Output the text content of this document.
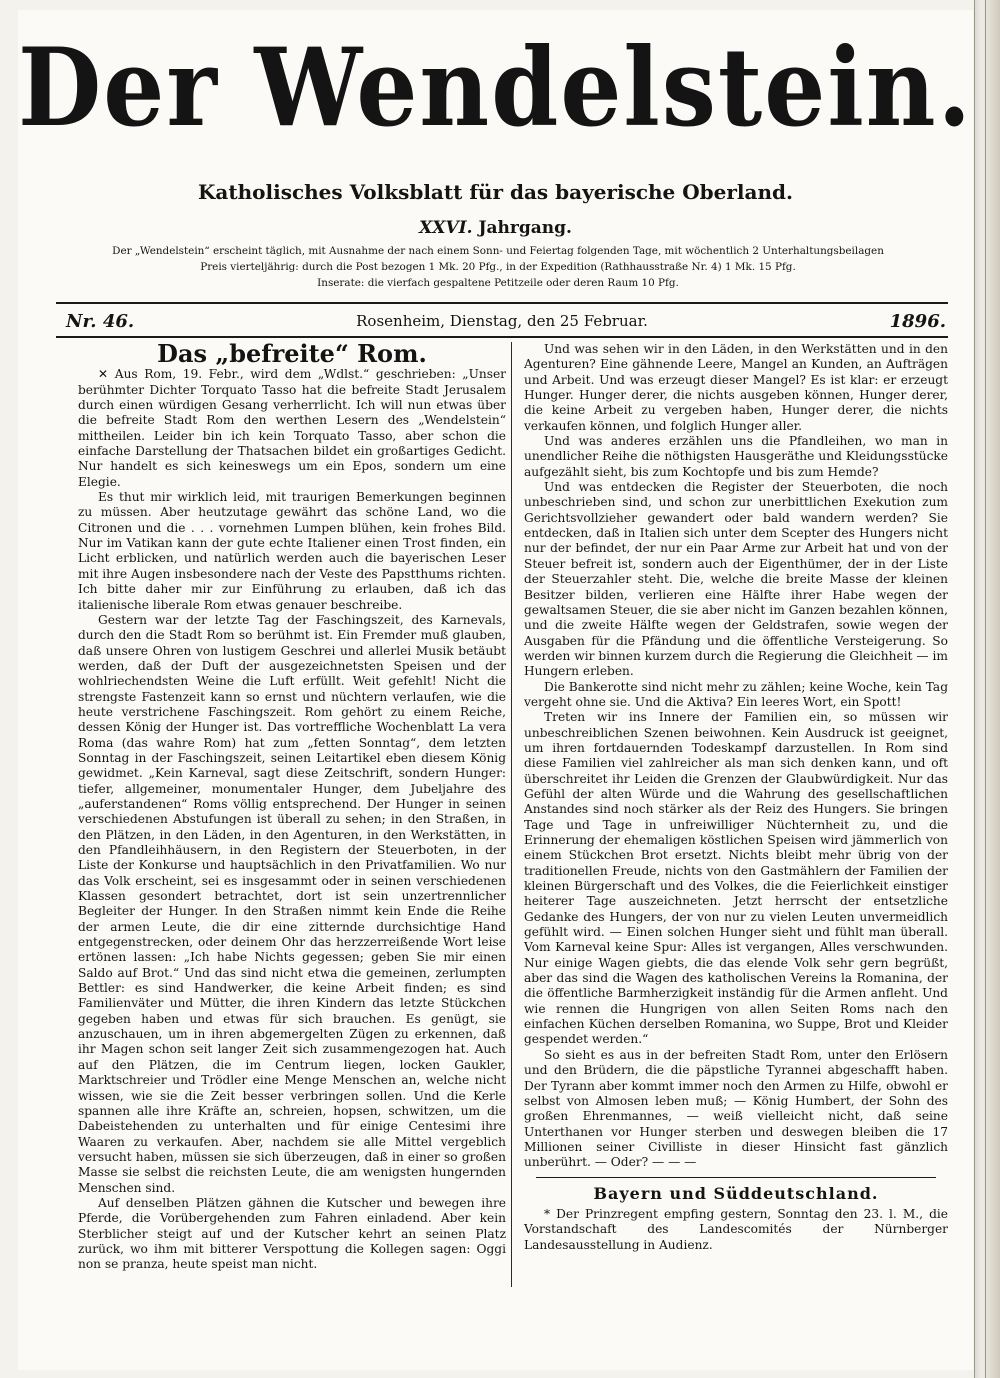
Der Wendelstein.
Katholisches Volksblatt für das bayerische Oberland.
XXVI. Jahrgang.
Der „Wendelstein“ erscheint täglich, mit Ausnahme der nach einem Sonn- und Feiertag folgenden Tage, mit wöchentlich 2 Unterhaltungsbeilagen
Preis vierteljährig: durch die Post bezogen 1 Mk. 20 Pfg., in der Expedition (Rathhausstraße Nr. 4) 1 Mk. 15 Pfg.
Inserate: die vierfach gespaltene Petitzeile oder deren Raum 10 Pfg.
Nr. 46.	Rosenheim, Dienstag, den 25 Februar.	1896.
Das „befreite“ Rom.

✕ Aus Rom, 19. Febr., wird dem „Wdlst.“ geschrieben: „Unser berühmter Dichter Torquato Tasso hat die befreite Stadt Jerusalem durch einen würdigen Gesang verherrlicht. Ich will nun etwas über die befreite Stadt Rom den werthen Lesern des „Wendelstein“ mittheilen. Leider bin ich kein Torquato Tasso, aber schon die einfache Darstellung der Thatsachen bildet ein großartiges Gedicht. Nur handelt es sich keineswegs um ein Epos, sondern um eine Elegie.

Es thut mir wirklich leid, mit traurigen Bemerkungen beginnen zu müssen. Aber heutzutage gewährt das schöne Land, wo die Citronen und die . . . vornehmen Lumpen blühen, kein frohes Bild. Nur im Vatikan kann der gute echte Italiener einen Trost finden, ein Licht erblicken, und natürlich werden auch die bayerischen Leser mit ihre Augen insbesondere nach der Veste des Papstthums richten. Ich bitte daher mir zur Einführung zu erlauben, daß ich das italienische liberale Rom etwas genauer beschreibe.

Gestern war der letzte Tag der Faschingszeit, des Karnevals, durch den die Stadt Rom so berühmt ist. Ein Fremder muß glauben, daß unsere Ohren von lustigem Geschrei und allerlei Musik betäubt werden, daß der Duft der ausgezeichnetsten Speisen und der wohlriechendsten Weine die Luft erfüllt. Weit gefehlt! Nicht die strengste Fastenzeit kann so ernst und nüchtern verlaufen, wie die heute verstrichene Faschingszeit. Rom gehört zu einem Reiche, dessen König der Hunger ist. Das vortreffliche Wochenblatt La vera Roma (das wahre Rom) hat zum „fetten Sonntag“, dem letzten Sonntag in der Faschingszeit, seinen Leitartikel eben diesem König gewidmet. „Kein Karneval, sagt diese Zeitschrift, sondern Hunger: tiefer, allgemeiner, monumentaler Hunger, dem Jubeljahre des „auferstandenen“ Roms völlig entsprechend. Der Hunger in seinen verschiedenen Abstufungen ist überall zu sehen; in den Straßen, in den Plätzen, in den Läden, in den Agenturen, in den Werkstätten, in den Pfandleihhäusern, in den Registern der Steuerboten, in der Liste der Konkurse und hauptsächlich in den Privatfamilien. Wo nur das Volk erscheint, sei es insgesammt oder in seinen verschiedenen Klassen gesondert betrachtet, dort ist sein unzertrennlicher Begleiter der Hunger. In den Straßen nimmt kein Ende die Reihe der armen Leute, die dir eine zitternde durchsichtige Hand entgegenstrecken, oder deinem Ohr das herzzerreißende Wort leise ertönen lassen: „Ich habe Nichts gegessen; geben Sie mir einen Saldo auf Brot.“ Und das sind nicht etwa die gemeinen, zerlumpten Bettler: es sind Handwerker, die keine Arbeit finden; es sind Familienväter und Mütter, die ihren Kindern das letzte Stückchen gegeben haben und etwas für sich brauchen. Es genügt, sie anzuschauen, um in ihren abgemergelten Zügen zu erkennen, daß ihr Magen schon seit langer Zeit sich zusammengezogen hat. Auch auf den Plätzen, die im Centrum liegen, locken Gaukler, Marktschreier und Trödler eine Menge Menschen an, welche nicht wissen, wie sie die Zeit besser verbringen sollen. Und die Kerle spannen alle ihre Kräfte an, schreien, hopsen, schwitzen, um die Dabeistehenden zu unterhalten und für einige Centesimi ihre Waaren zu verkaufen. Aber, nachdem sie alle Mittel vergeblich versucht haben, müssen sie sich überzeugen, daß in einer so großen Masse sie selbst die reichsten Leute, die am wenigsten hungernden Menschen sind.

Auf denselben Plätzen gähnen die Kutscher und bewegen ihre Pferde, die Vorübergehenden zum Fahren einladend. Aber kein Sterblicher steigt auf und der Kutscher kehrt an seinen Platz zurück, wo ihm mit bitterer Verspottung die Kollegen sagen: Oggi non se pranza, heute speist man nicht.

Und was sehen wir in den Läden, in den Werkstätten und in den Agenturen? Eine gähnende Leere, Mangel an Kunden, an Aufträgen und Arbeit. Und was erzeugt dieser Mangel? Es ist klar: er erzeugt Hunger. Hunger derer, die nichts ausgeben können, Hunger derer, die keine Arbeit zu vergeben haben, Hunger derer, die nichts verkaufen können, und folglich Hunger aller.

Und was anderes erzählen uns die Pfandleihen, wo man in unendlicher Reihe die nöthigsten Hausgeräthe und Kleidungsstücke aufgezählt sieht, bis zum Kochtopfe und bis zum Hemde?

Und was entdecken die Register der Steuerboten, die noch unbeschrieben sind, und schon zur unerbittlichen Exekution zum Gerichtsvollzieher gewandert oder bald wandern werden? Sie entdecken, daß in Italien sich unter dem Scepter des Hungers nicht nur der befindet, der nur ein Paar Arme zur Arbeit hat und von der Steuer befreit ist, sondern auch der Eigenthümer, der in der Liste der Steuerzahler steht. Die, welche die breite Masse der kleinen Besitzer bilden, verlieren eine Hälfte ihrer Habe wegen der gewaltsamen Steuer, die sie aber nicht im Ganzen bezahlen können, und die zweite Hälfte wegen der Geldstrafen, sowie wegen der Ausgaben für die Pfändung und die öffentliche Versteigerung. So werden wir binnen kurzem durch die Regierung die Gleichheit — im Hungern erleben.

Die Bankerotte sind nicht mehr zu zählen; keine Woche, kein Tag vergeht ohne sie. Und die Aktiva? Ein leeres Wort, ein Spott!

Treten wir ins Innere der Familien ein, so müssen wir unbeschreiblichen Szenen beiwohnen. Kein Ausdruck ist geeignet, um ihren fortdauernden Todeskampf darzustellen. In Rom sind diese Familien viel zahlreicher als man sich denken kann, und oft überschreitet ihr Leiden die Grenzen der Glaubwürdigkeit. Nur das Gefühl der alten Würde und die Wahrung des gesellschaftlichen Anstandes sind noch stärker als der Reiz des Hungers. Sie bringen Tage und Tage in unfreiwilliger Nüchternheit zu, und die Erinnerung der ehemaligen köstlichen Speisen wird jämmerlich von einem Stückchen Brot ersetzt. Nichts bleibt mehr übrig von der traditionellen Freude, nichts von den Gastmählern der Familien der kleinen Bürgerschaft und des Volkes, die die Feierlichkeit einstiger heiterer Tage auszeichneten. Jetzt herrscht der entsetzliche Gedanke des Hungers, der von nur zu vielen Leuten unvermeidlich gefühlt wird. — Einen solchen Hunger sieht und fühlt man überall. Vom Karneval keine Spur: Alles ist vergangen, Alles verschwunden. Nur einige Wagen giebts, die das elende Volk sehr gern begrüßt, aber das sind die Wagen des katholischen Vereins la Romanina, der die öffentliche Barmherzigkeit inständig für die Armen anfleht. Und wie rennen die Hungrigen von allen Seiten Roms nach den einfachen Küchen derselben Romanina, wo Suppe, Brot und Kleider gespendet werden.“

So sieht es aus in der befreiten Stadt Rom, unter den Erlösern und den Brüdern, die die päpstliche Tyrannei abgeschafft haben. Der Tyrann aber kommt immer noch den Armen zu Hilfe, obwohl er selbst von Almosen leben muß; — König Humbert, der Sohn des großen Ehrenmannes, — weiß vielleicht nicht, daß seine Unterthanen vor Hunger sterben und deswegen bleiben die 17 Millionen seiner Civilliste in dieser Hinsicht fast gänzlich unberührt. — Oder? — — —

Bayern und Süddeutschland.

* Der Prinzregent empfing gestern, Sonntag den 23. l. M., die Vorstandschaft des Landescomités der Nürnberger Landesausstellung in Audienz.
